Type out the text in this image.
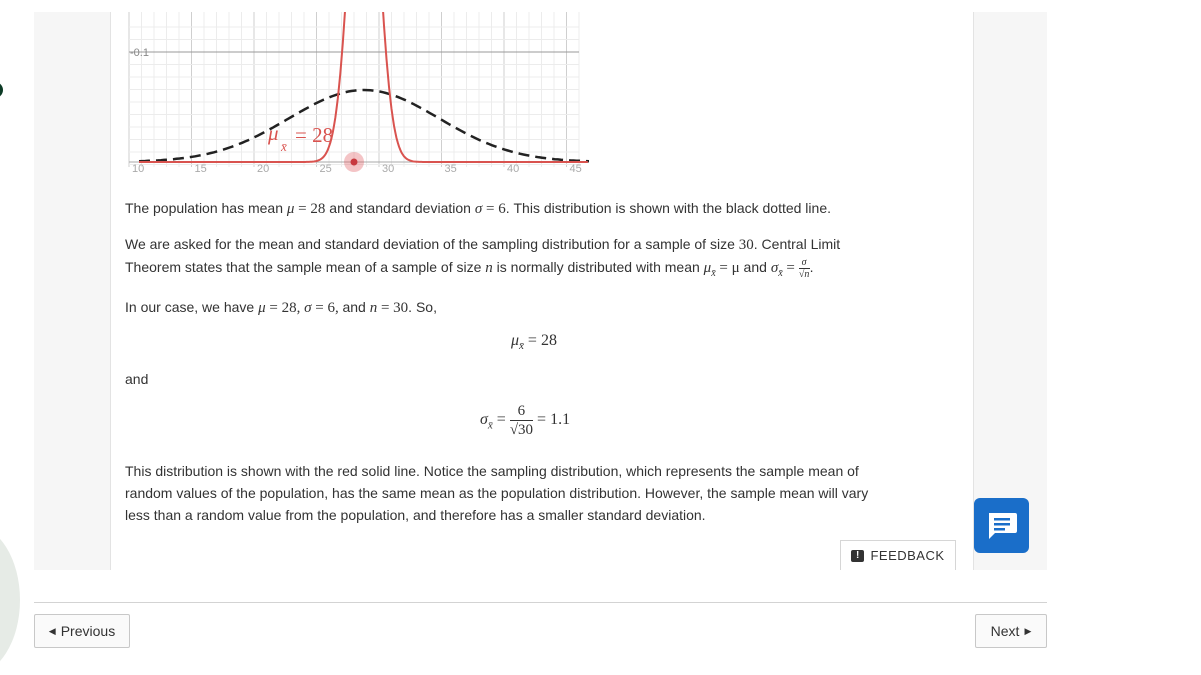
-0.1
10	15	20	25	30	35	40	45
μ
x̄ = 28
The population has mean μ = 28 and standard deviation σ = 6. This distribution is shown with the black dotted line.
We are asked for the mean and standard deviation of the sampling distribution for a sample of size 30. Central Limit
Theorem states that the sample mean of a sample of size n is normally distributed with mean $\mu_{x̄} = \mu$ and $\sigma_{x̄} = \frac{\sigma}{√n}$ .
In our case, we have μ = 28, σ = 6, and n = 30. So,
$\mu_{x̄} = 28$
and
$\sigma_{x̄} = \frac{6}{√30} = 1.1$
This distribution is shown with the red solid line. Notice the sampling distribution, which represents the sample mean of
random values of the population, has the same mean as the population distribution. However, the sample mean will vary
less than a random value from the population, and therefore has a smaller standard deviation.
! FEEDBACK
◀ Previous	Next ▶
